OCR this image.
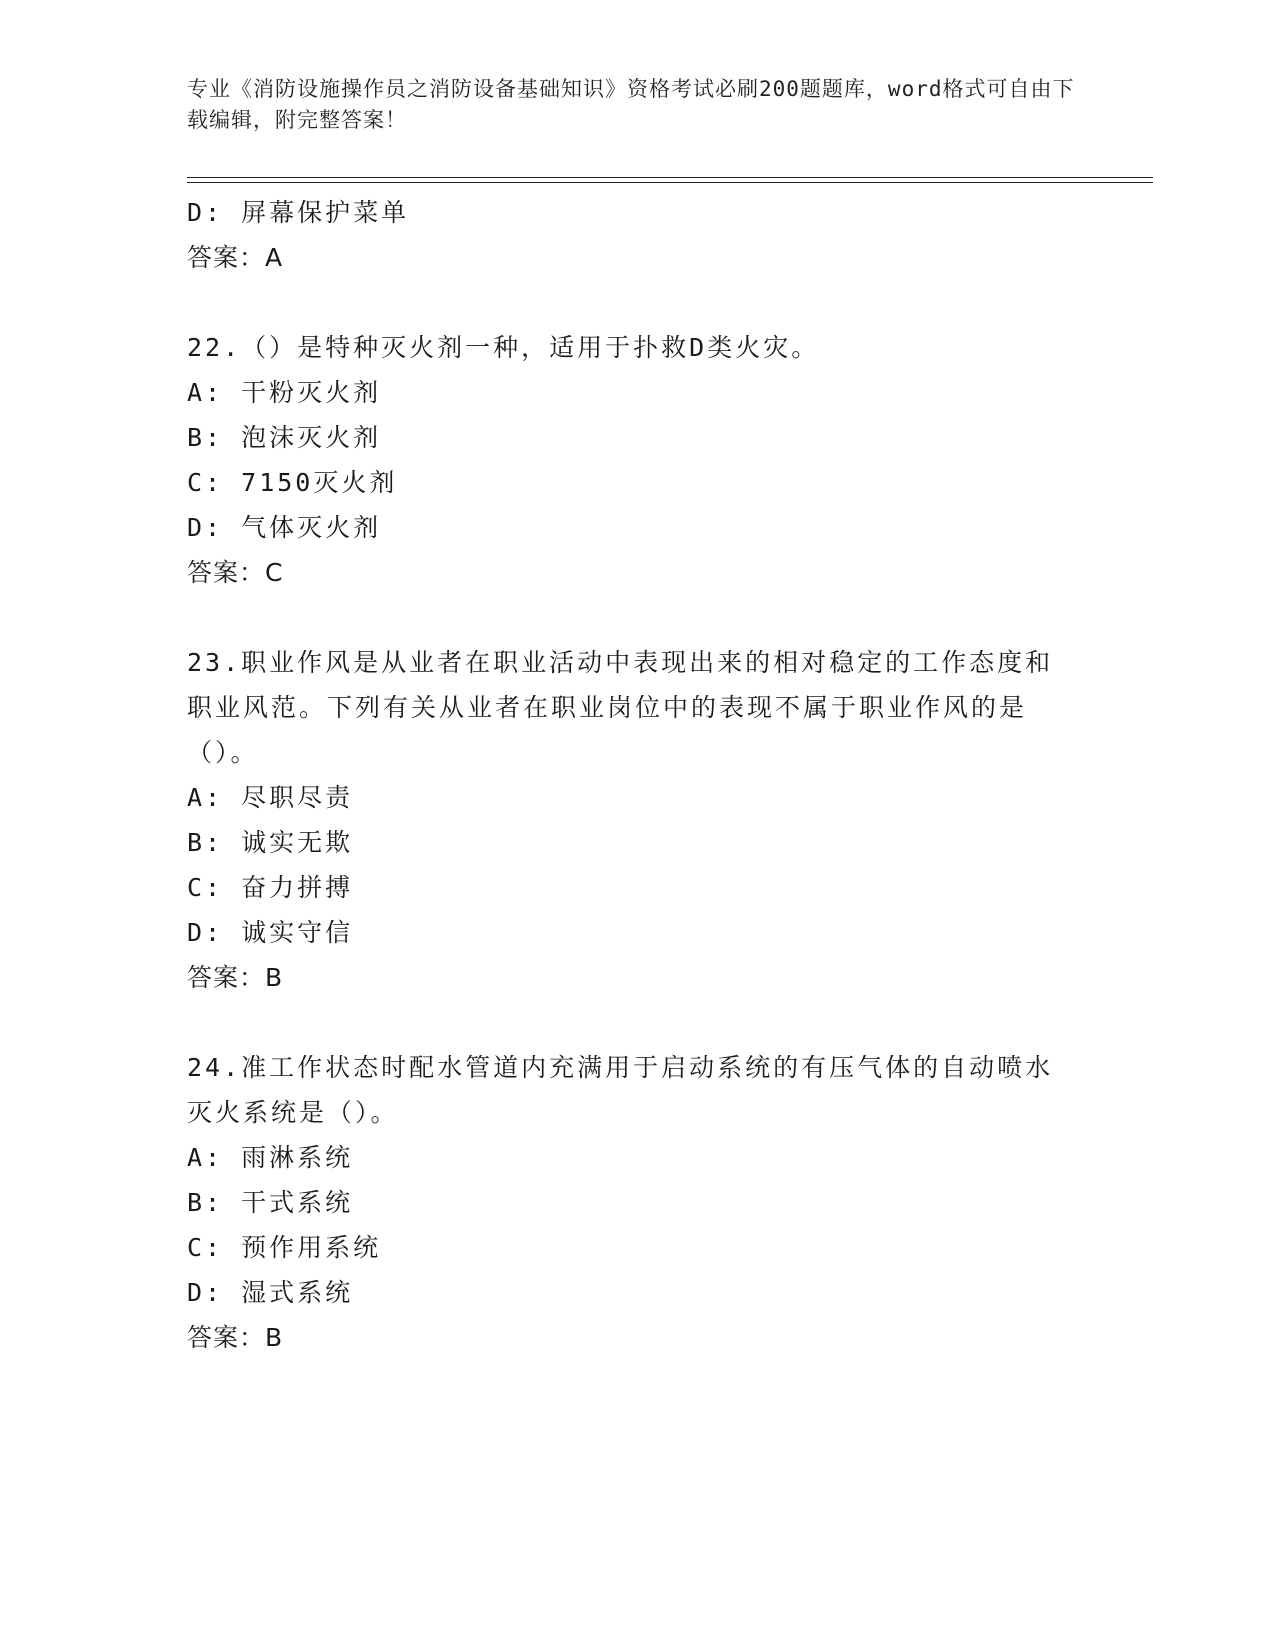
专业《消防设施操作员之消防设备基础知识》资格考试必刷200题题库，word格式可自由下载编辑，附完整答案！
D: 屏幕保护菜单
答案：A
22.（）是特种灭火剂一种，适用于扑救D类火灾。
A: 干粉灭火剂
B: 泡沫灭火剂
C: 7150灭火剂
D: 气体灭火剂
答案：C
23.职业作风是从业者在职业活动中表现出来的相对稳定的工作态度和职业风范。下列有关从业者在职业岗位中的表现不属于职业作风的是（）。
A: 尽职尽责
B: 诚实无欺
C: 奋力拼搏
D: 诚实守信
答案：B
24.准工作状态时配水管道内充满用于启动系统的有压气体的自动喷水灭火系统是（）。
A: 雨淋系统
B: 干式系统
C: 预作用系统
D: 湿式系统
答案：B
